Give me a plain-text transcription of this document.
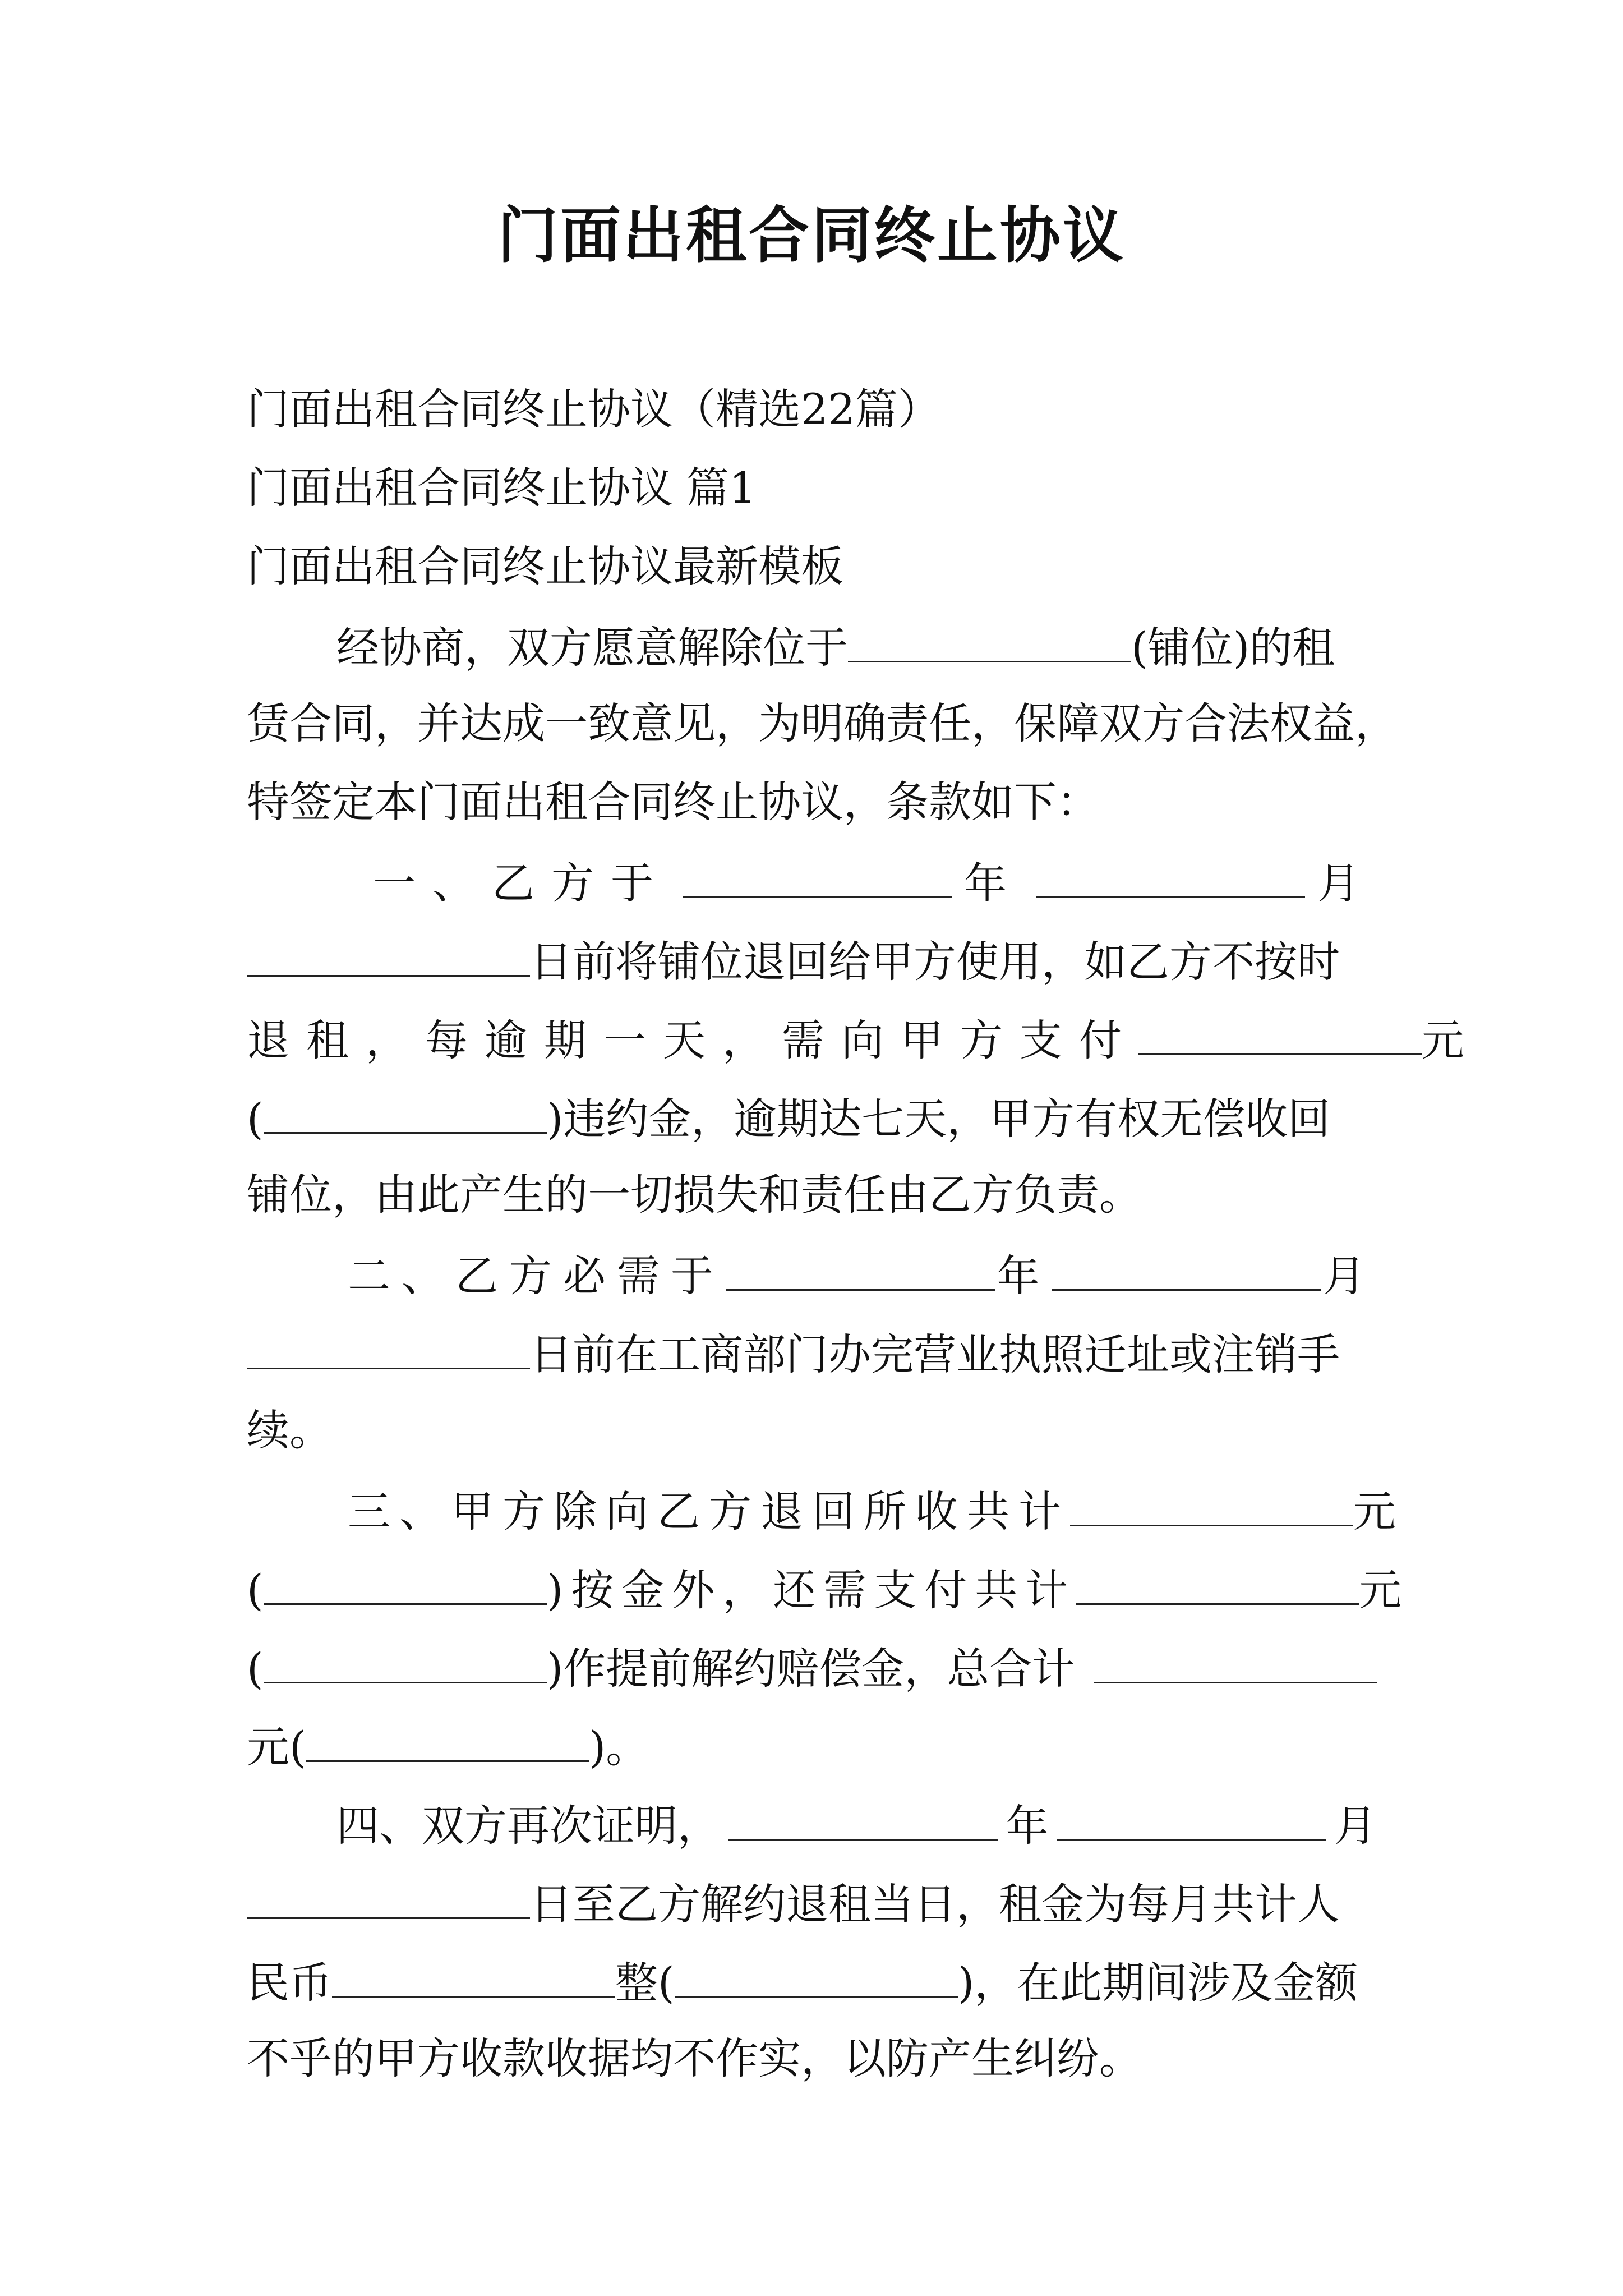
门面出租合同终止协议
门面出租合同终止协议（精选22篇）
门面出租合同终止协议 篇1
门面出租合同终止协议最新模板
经协商，双方愿意解除位于	(铺位)的租
赁合同，并达成一致意见，为明确责任，保障双方合法权益，
特签定本门面出租合同终止协议，条款如下：
一、乙方于	年	月
日前将铺位退回给甲方使用，如乙方不按时
退租，每逾期一天，需向甲方支付	元
(	)违约金，逾期达七天，甲方有权无偿收回
铺位，由此产生的一切损失和责任由乙方负责。
二、乙方必需于	年	月
日前在工商部门办完营业执照迁址或注销手
续。
三、甲方除向乙方退回所收共计	元
(	)按金外，还需支付共计	元
(	)作提前解约赔偿金，总合计
元(	)。
四、双方再次证明，	年	月
日至乙方解约退租当日，租金为每月共计人
民币	整(	)，在此期间涉及金额
不乎的甲方收款收据均不作实，以防产生纠纷。
